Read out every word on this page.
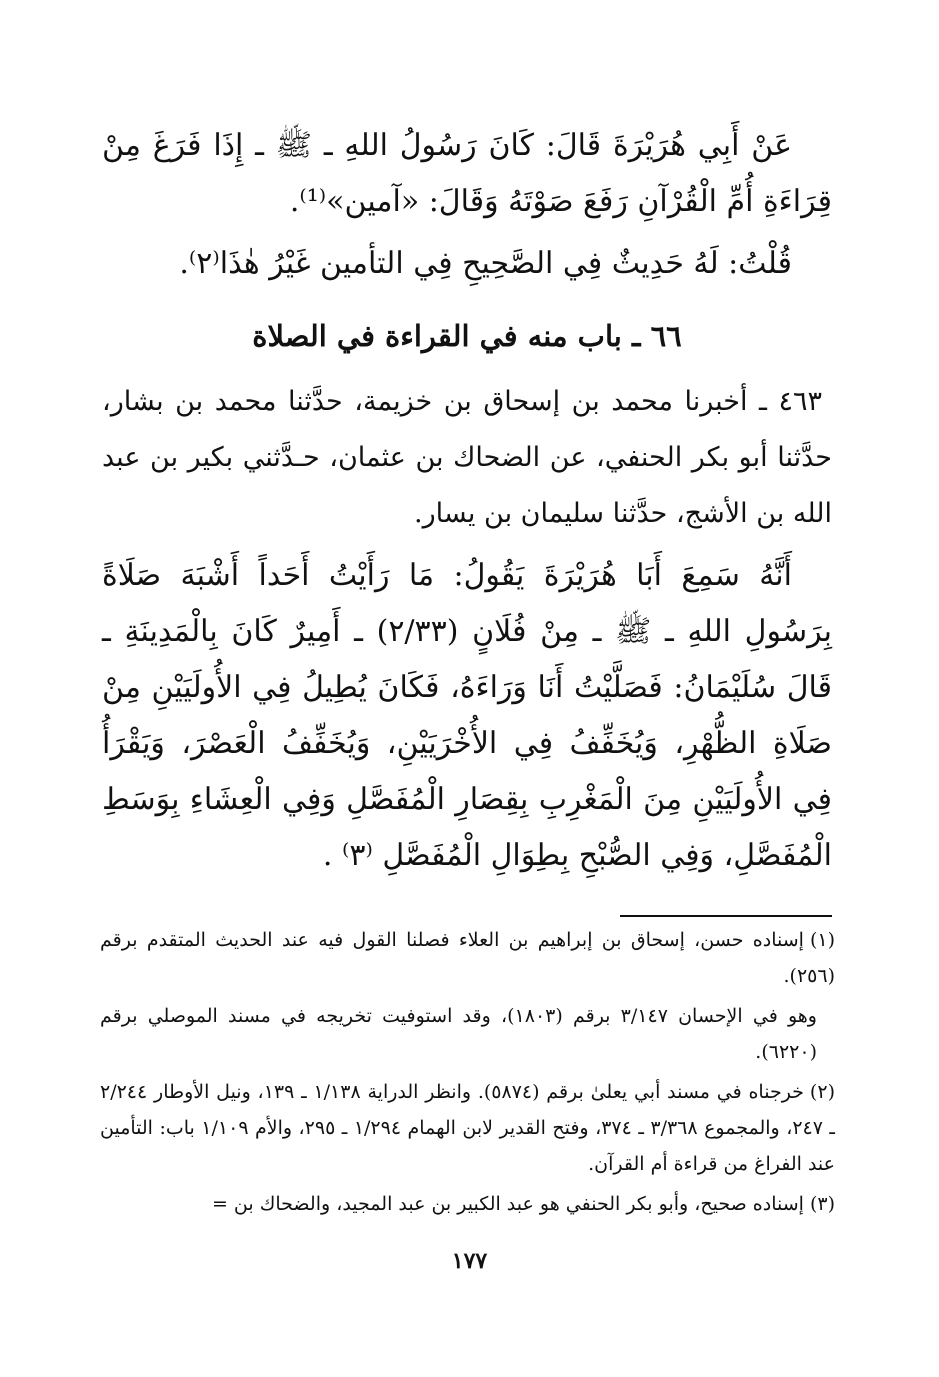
عَنْ أَبِي هُرَيْرَةَ قَالَ: كَانَ رَسُولُ اللهِ ـ ﷺ ـ إِذَا فَرَغَ مِنْ قِرَاءَةِ أُمِّ الْقُرْآنِ رَفَعَ صَوْتَهُ وَقَالَ: «آمين»⁽¹⁾.

قُلْتُ: لَهُ حَدِيثٌ فِي الصَّحِيحِ فِي التأمين غَيْرُ هٰذَا⁽٢⁾.

٦٦ ـ باب منه في القراءة في الصلاة

٤٦٣ ـ أخبرنا محمد بن إسحاق بن خزيمة، حدَّثنا محمد بن بشار، حدَّثنا أبو بكر الحنفي، عن الضحاك بن عثمان، حـدَّثني بكير بن عبد الله بن الأشج، حدَّثنا سليمان بن يسار.

أَنَّهُ سَمِعَ أَبَا هُرَيْرَةَ يَقُولُ: مَا رَأَيْتُ أَحَداً أَشْبَهَ صَلَاةً بِرَسُولِ اللهِ ـ ﷺ ـ مِنْ فُلَانٍ (٢/٣٣) ـ أَمِيرٌ كَانَ بِالْمَدِينَةِ ـ قَالَ سُلَيْمَانُ: فَصَلَّيْتُ أَنَا وَرَاءَهُ، فَكَانَ يُطِيلُ فِي الأُولَيَيْنِ مِنْ صَلَاةِ الظُّهْرِ، وَيُخَفِّفُ فِي الأُخْرَيَيْنِ، وَيُخَفِّفُ الْعَصْرَ، وَيَقْرَأُ فِي الأُولَيَيْنِ مِنَ الْمَغْرِبِ بِقِصَارِ الْمُفَصَّلِ وَفِي الْعِشَاءِ بِوَسَطِ الْمُفَصَّلِ، وَفِي الصُّبْحِ بِطِوَالِ الْمُفَصَّلِ ⁽٣⁾ .

(١)إسناده حسن، إسحاق بن إبراهيم بن العلاء فصلنا القول فيه عند الحديث المتقدم برقم (٢٥٦).

وهو في الإحسان ٣/١٤٧ برقم (١٨٠٣)، وقد استوفيت تخريجه في مسند الموصلي برقم (٦٢٢٠).

(٢)خرجناه في مسند أبي يعلىٰ برقم (٥٨٧٤). وانظر الدراية ١/١٣٨ ـ ١٣٩، ونيل الأوطار ٢/٢٤٤ ـ ٢٤٧، والمجموع ٣/٣٦٨ ـ ٣٧٤، وفتح القدير لابن الهمام ١/٢٩٤ ـ ٢٩٥، والأم ١/١٠٩ باب: التأمين عند الفراغ من قراءة أم القرآن.

(٣)إسناده صحيح، وأبو بكر الحنفي هو عبد الكبير بن عبد المجيد، والضحاك بن =

١٧٧
